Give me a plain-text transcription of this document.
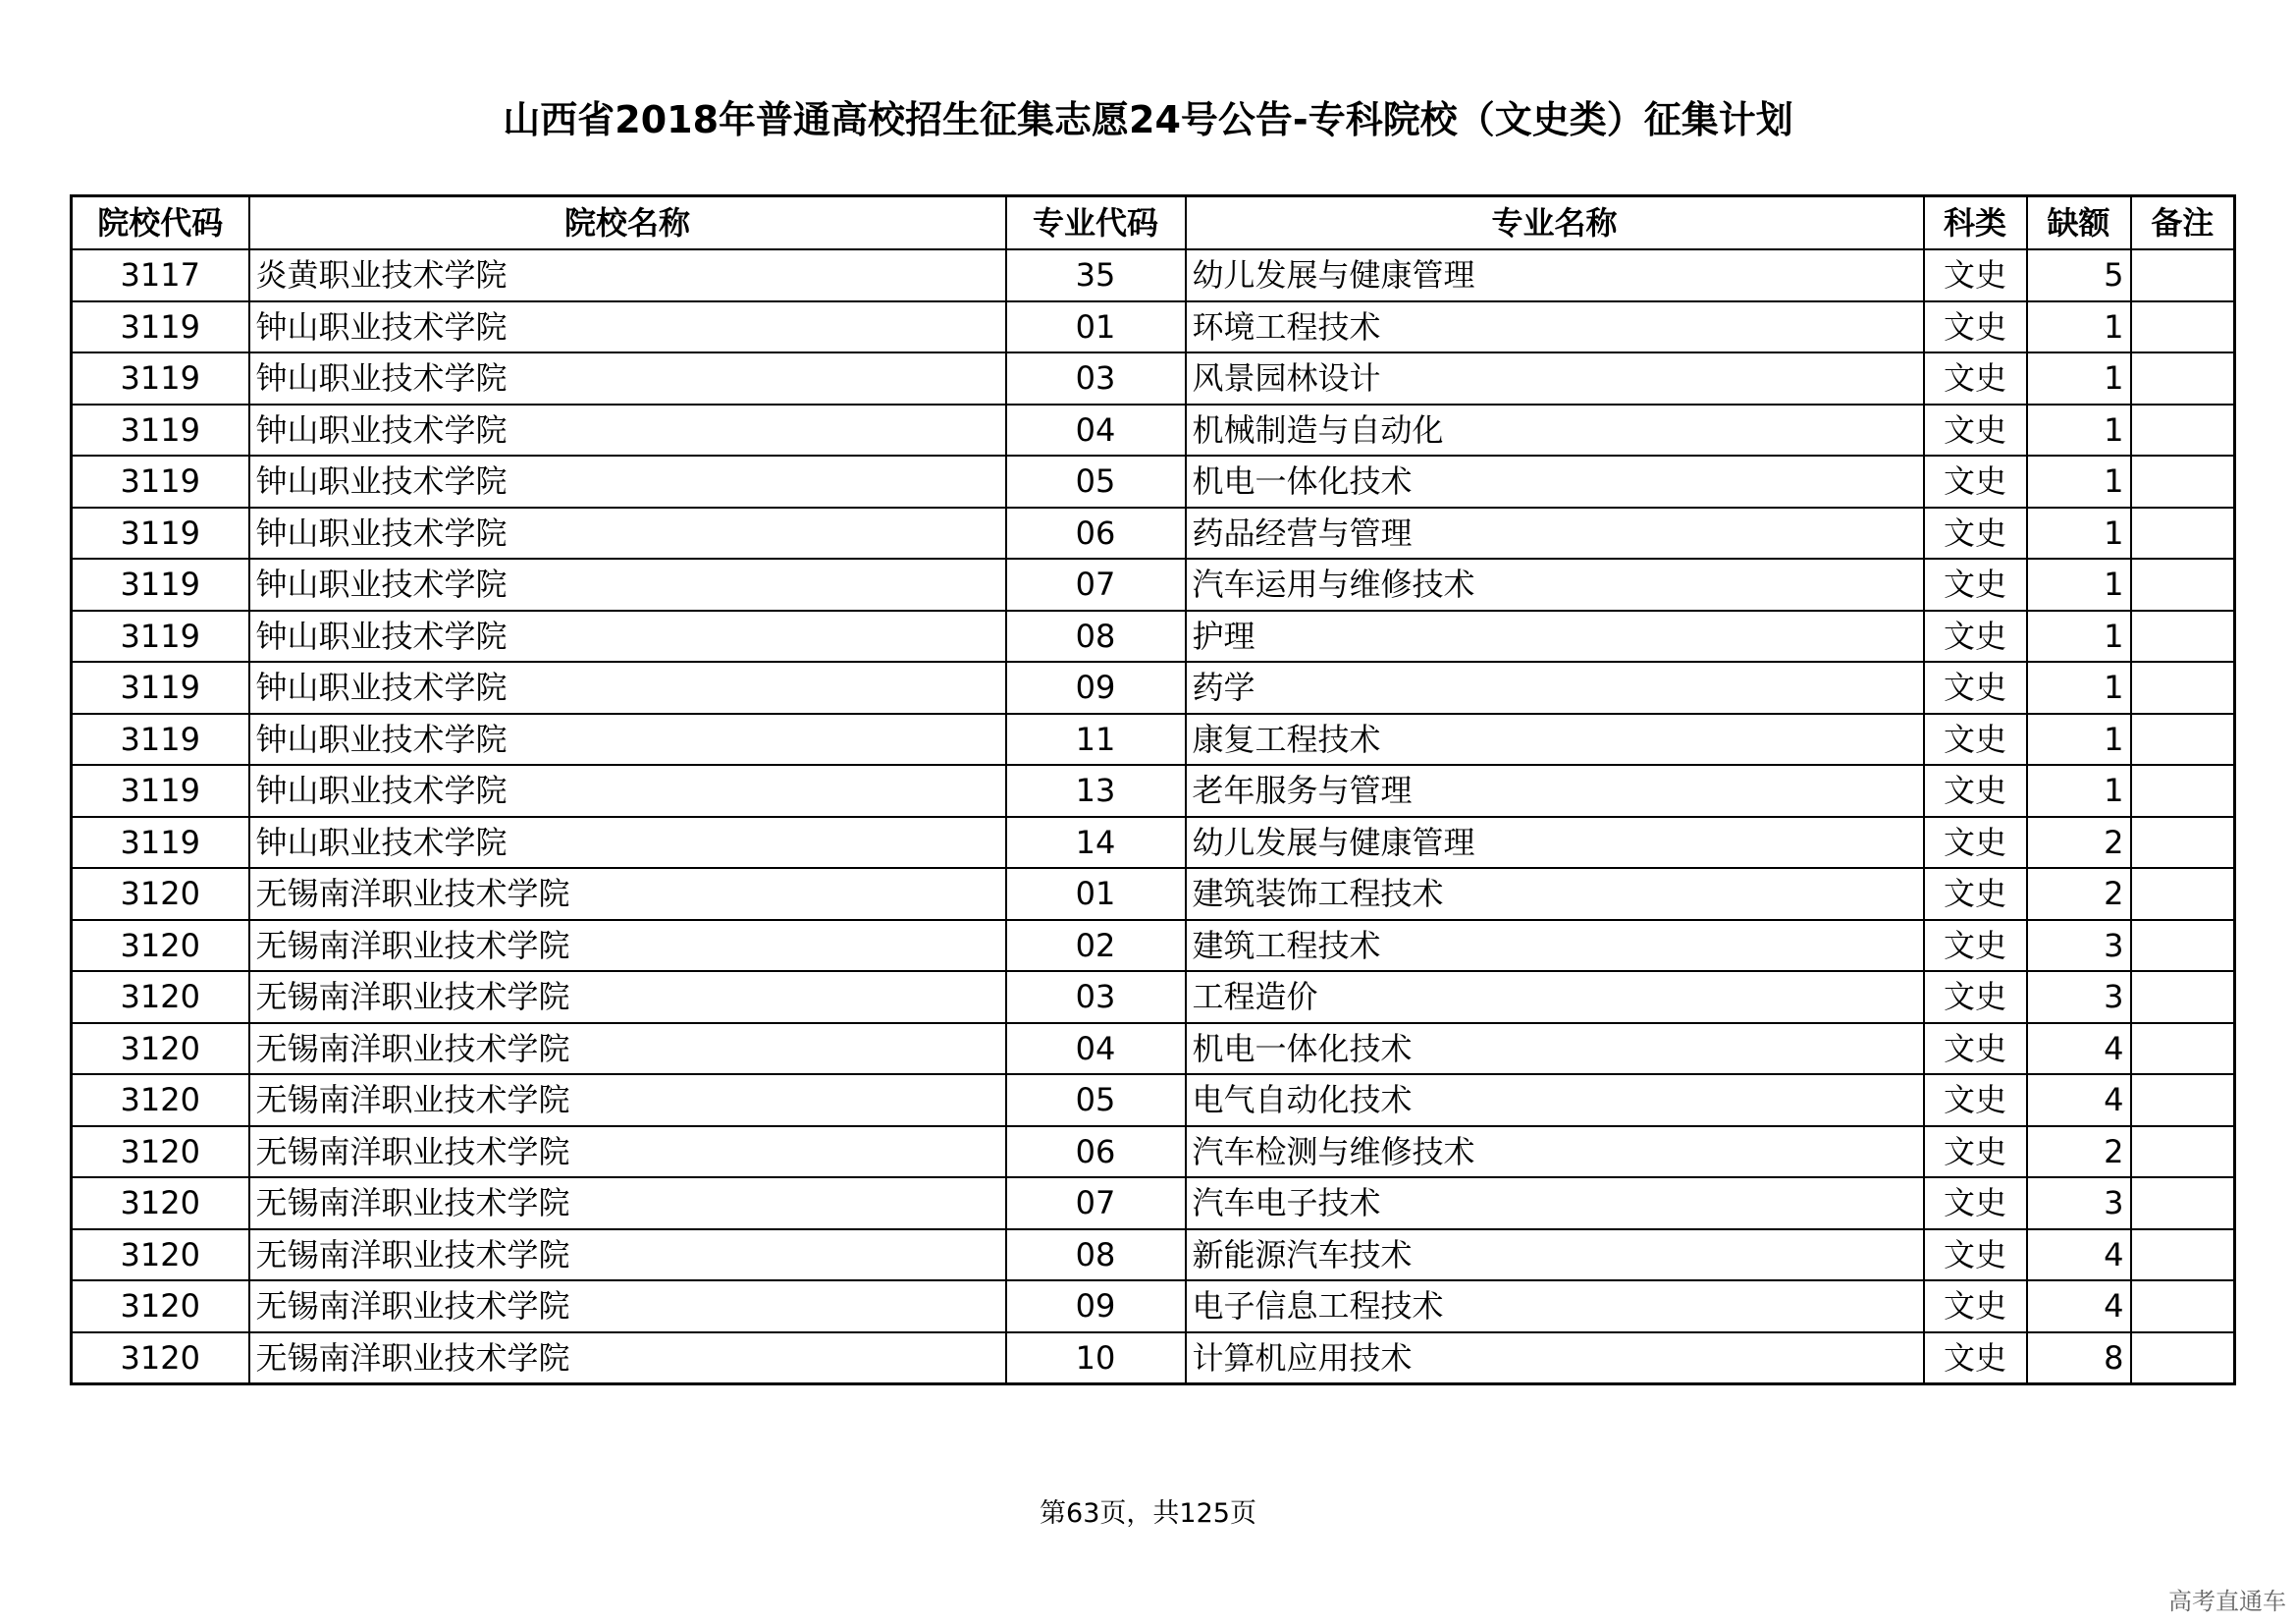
山西省2018年普通高校招生征集志愿24号公告-专科院校（文史类）征集计划
院校代码	院校名称	专业代码	专业名称	科类	缺额	备注
3117	炎黄职业技术学院	35	幼儿发展与健康管理	文史	5	
3119	钟山职业技术学院	01	环境工程技术	文史	1	
3119	钟山职业技术学院	03	风景园林设计	文史	1	
3119	钟山职业技术学院	04	机械制造与自动化	文史	1	
3119	钟山职业技术学院	05	机电一体化技术	文史	1	
3119	钟山职业技术学院	06	药品经营与管理	文史	1	
3119	钟山职业技术学院	07	汽车运用与维修技术	文史	1	
3119	钟山职业技术学院	08	护理	文史	1	
3119	钟山职业技术学院	09	药学	文史	1	
3119	钟山职业技术学院	11	康复工程技术	文史	1	
3119	钟山职业技术学院	13	老年服务与管理	文史	1	
3119	钟山职业技术学院	14	幼儿发展与健康管理	文史	2	
3120	无锡南洋职业技术学院	01	建筑装饰工程技术	文史	2	
3120	无锡南洋职业技术学院	02	建筑工程技术	文史	3	
3120	无锡南洋职业技术学院	03	工程造价	文史	3	
3120	无锡南洋职业技术学院	04	机电一体化技术	文史	4	
3120	无锡南洋职业技术学院	05	电气自动化技术	文史	4	
3120	无锡南洋职业技术学院	06	汽车检测与维修技术	文史	2	
3120	无锡南洋职业技术学院	07	汽车电子技术	文史	3	
3120	无锡南洋职业技术学院	08	新能源汽车技术	文史	4	
3120	无锡南洋职业技术学院	09	电子信息工程技术	文史	4	
3120	无锡南洋职业技术学院	10	计算机应用技术	文史	8	
第63页，共125页
高考直通车
